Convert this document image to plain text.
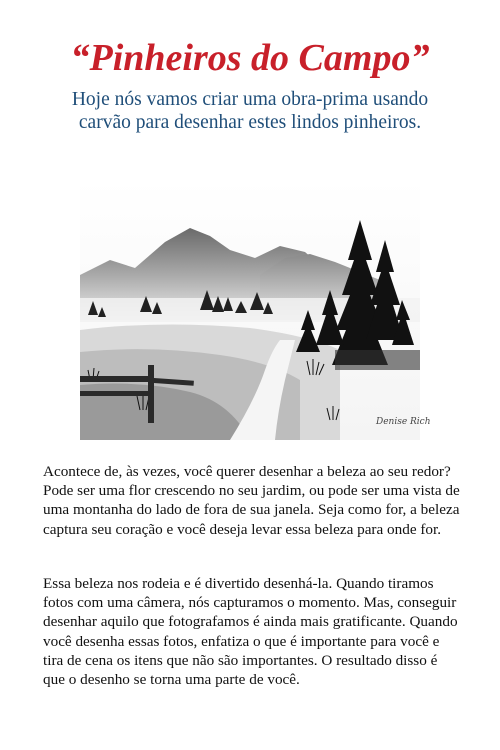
“Pinheiros do Campo”
Hoje nós vamos criar uma obra-prima usando carvão para desenhar estes lindos pinheiros.
Denise Rich

Acontece de, às vezes, você querer desenhar a beleza ao seu redor? Pode ser uma flor crescendo no seu jardim, ou pode ser uma vista de uma montanha do lado de fora de sua janela. Seja como for, a beleza captura seu coração e você deseja levar essa beleza para onde for.

Essa beleza nos rodeia e é divertido desenhá-la. Quando tiramos fotos com uma câmera, nós capturamos o momento. Mas, conseguir desenhar aquilo que fotografamos é ainda mais gratificante. Quando você desenha essas fotos, enfatiza o que é importante para você e tira de cena os itens que não são importantes. O resultado disso é que o desenho se torna uma parte de você.
